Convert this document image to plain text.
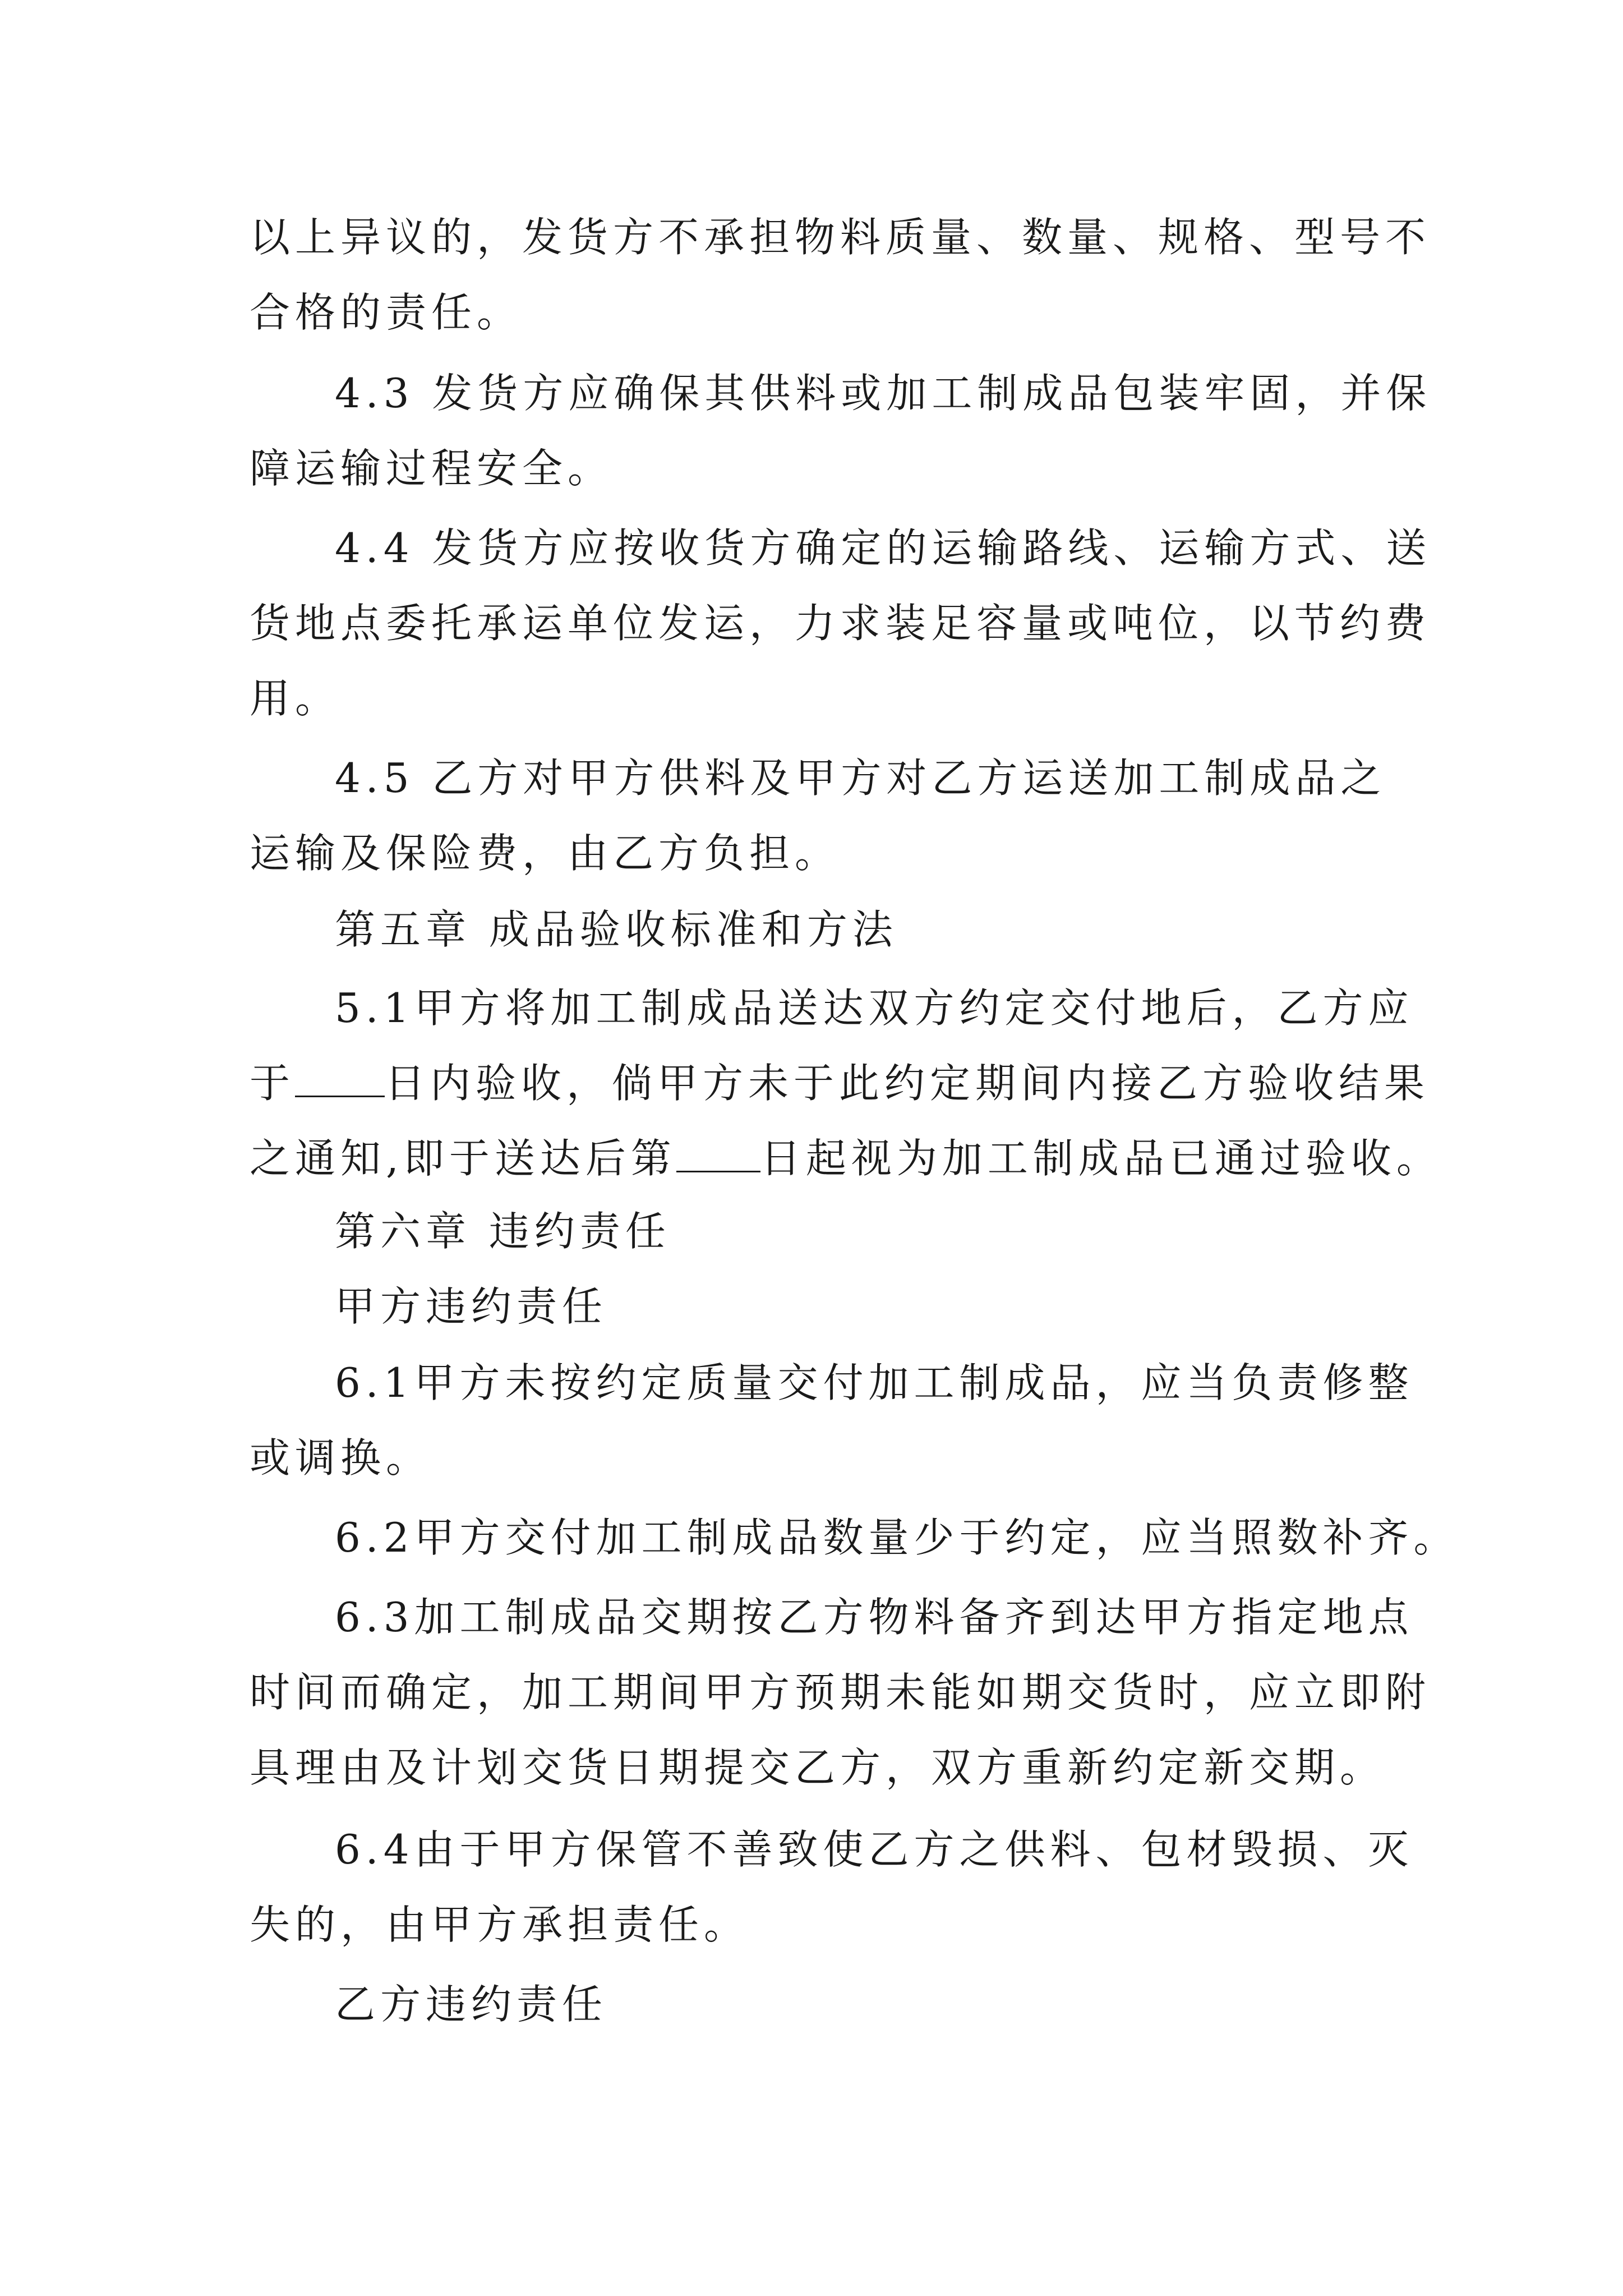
以上异议的，发货方不承担物料质量、数量、规格、型号不
合格的责任。
4.3 发货方应确保其供料或加工制成品包装牢固，并保
障运输过程安全。
4.4 发货方应按收货方确定的运输路线、运输方式、送
货地点委托承运单位发运，力求装足容量或吨位，以节约费
用。
4.5 乙方对甲方供料及甲方对乙方运送加工制成品之
运输及保险费，由乙方负担。
第五章 成品验收标准和方法
5.1甲方将加工制成品送达双方约定交付地后，乙方应
于 日内验收，倘甲方未于此约定期间内接乙方验收结果
之通知,即于送达后第 日起视为加工制成品已通过验收。
第六章 违约责任
甲方违约责任
6.1甲方未按约定质量交付加工制成品，应当负责修整
或调换。
6.2甲方交付加工制成品数量少于约定，应当照数补齐。
6.3加工制成品交期按乙方物料备齐到达甲方指定地点
时间而确定，加工期间甲方预期未能如期交货时，应立即附
具理由及计划交货日期提交乙方，双方重新约定新交期。
6.4由于甲方保管不善致使乙方之供料、包材毁损、灭
失的，由甲方承担责任。
乙方违约责任
